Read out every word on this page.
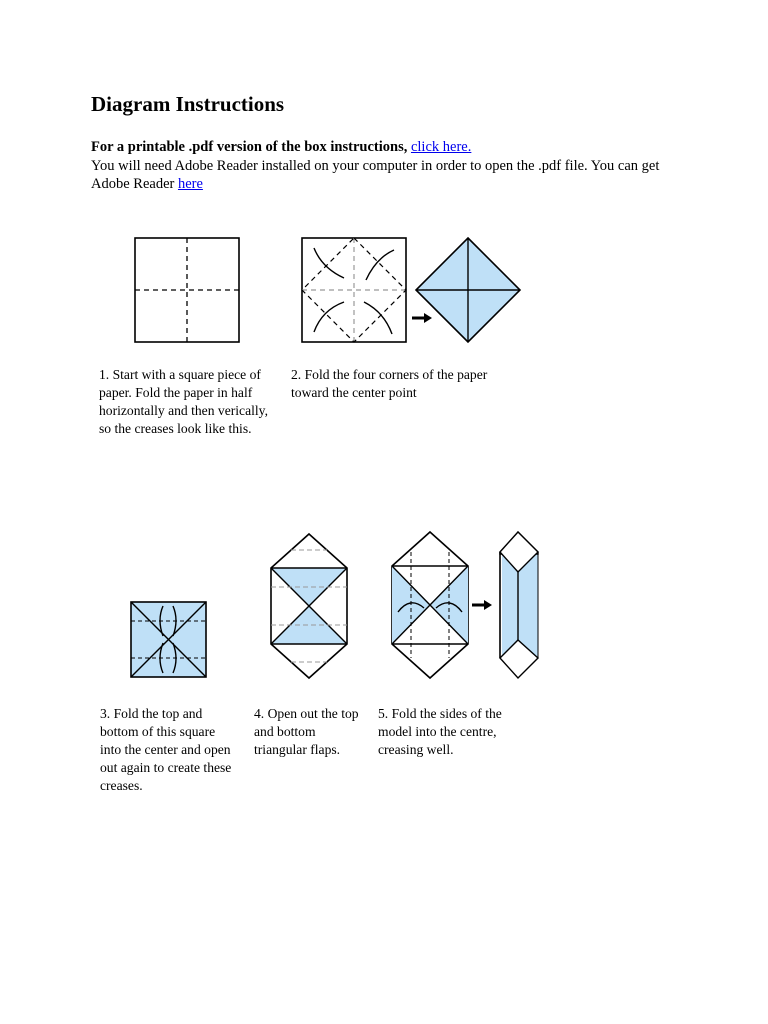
Diagram Instructions
For a printable .pdf version of the box instructions, click here.
You will need Adobe Reader installed on your computer in order to open the .pdf file. You can get Adobe Reader here
1. Start with a square piece of paper. Fold the paper in half horizontally and then verically, so the creases look like this.
2. Fold the four corners of the paper toward the center point
3. Fold the top and bottom of this square into the center and open out again to create these creases.
4. Open out the top and bottom triangular flaps.
5. Fold the sides of the model into the centre, creasing well.
